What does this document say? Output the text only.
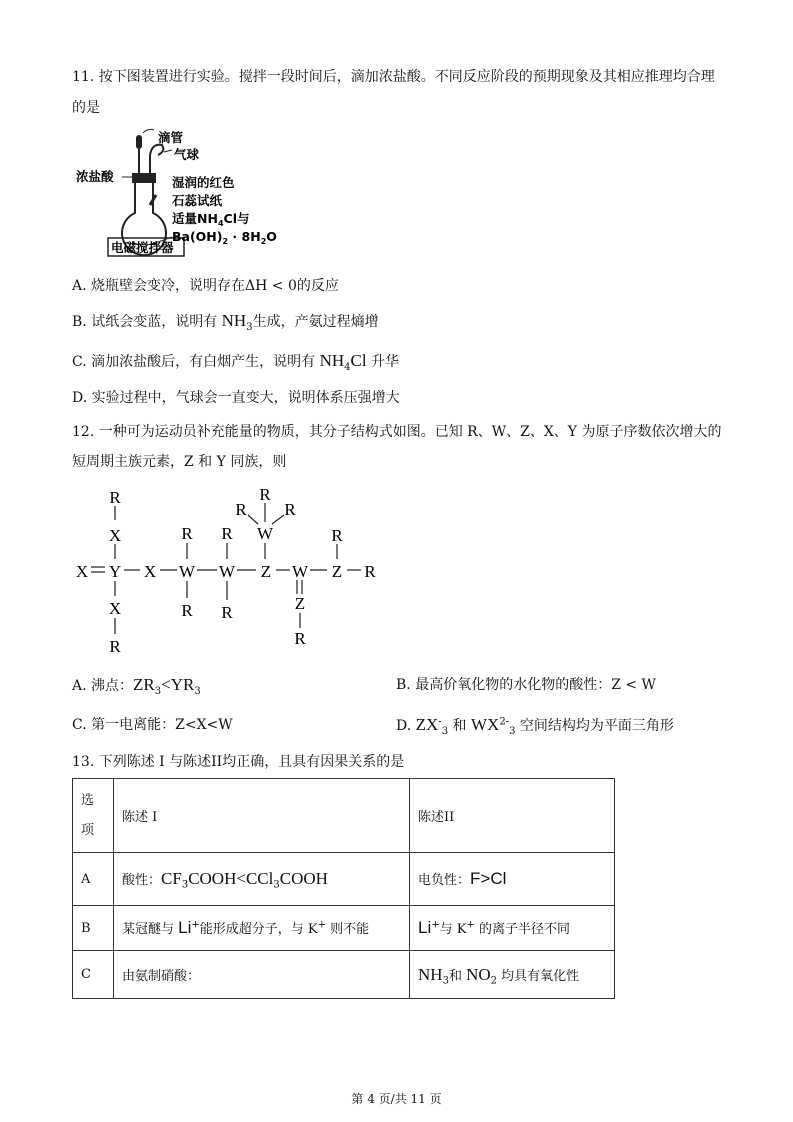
11. 按下图装置进行实验。搅拌一段时间后，滴加浓盐酸。不同反应阶段的预期现象及其相应推理均合理
的是
滴管
气球
浓盐酸	湿润的红色
石蕊试纸
适量$NH_4Cl$与
$Ba(OH)_2 \cdot 8H_2O$
电磁搅拌器
A. 烧瓶壁会变冷，说明存在ΔH < 0的反应
B. 试纸会变蓝，说明有 $NH_3$生成，产氨过程熵增
C. 滴加浓盐酸后，有白烟产生，说明有 $NH_4Cl$ 升华
D. 实验过程中，气球会一直变大，说明体系压强增大
12. 一种可为运动员补充能量的物质，其分子结构式如图。已知 R、W、Z、X、Y 为原子序数依次增大的
短周期主族元素，Z 和 Y 同族，则
X Y X W W Z W Z R
X
R
X
R
R
R
R
R
W
R R
R
Z
R
R
A. 沸点：$ZR_3<YR_3$	B. 最高价氧化物的水化物的酸性：Z < W
C. 第一电离能：Z<X<W	D. $ZX^-_3$ 和 $WX^{2-}_3$ 空间结构均为平面三角形
13. 下列陈述 I 与陈述II均正确，且具有因果关系的是
选
项	陈述 I	陈述II
A	酸性：$CF_3COOH<CCl_3COOH$	电负性：F>Cl
B	某冠醚与 Li+能形成超分子，与 K+ 则不能	Li+与 K+ 的离子半径不同
C	由氨制硝酸：	$NH_3$和 $NO_2$ 均具有氧化性
第 4 页/共 11 页
